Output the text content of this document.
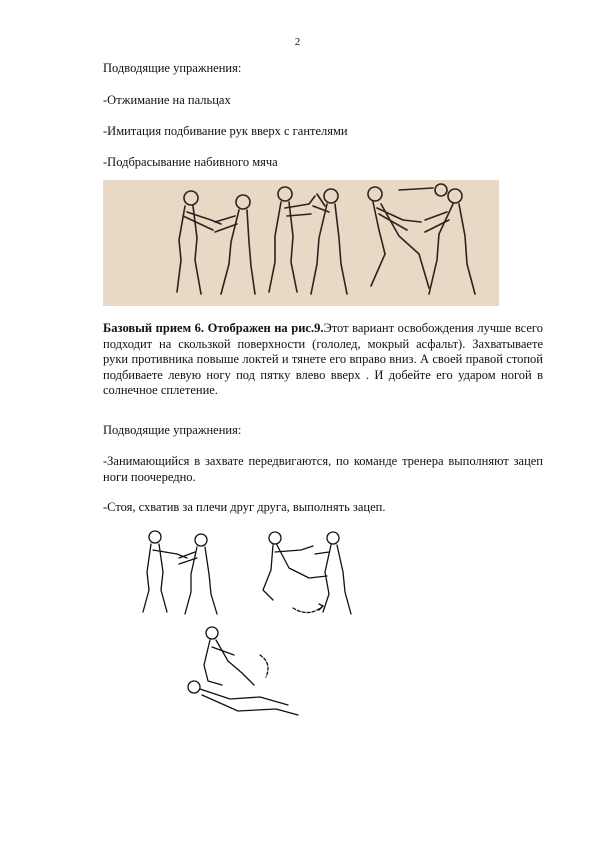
2
Подводящие упражнения:
-Отжимание на пальцах
-Имитация подбивание рук вверх с гантелями
-Подбрасывание набивного мяча
Базовый прием 6. Отображен на рис.9.Этот вариант освобождения лучше всего подходит на скользкой поверхности (гололед, мокрый асфальт). Захватываете руки противника повыше локтей и тянете его вправо вниз. А своей правой стопой подбиваете левую ногу под пятку влево вверх . И добейте его ударом ногой в солнечное сплетение.
Подводящие упражнения:
-Занимающийся в захвате передвигаются, по команде тренера выполняют зацеп ноги поочередно.
-Стоя, схватив за плечи друг друга, выполнять зацеп.
